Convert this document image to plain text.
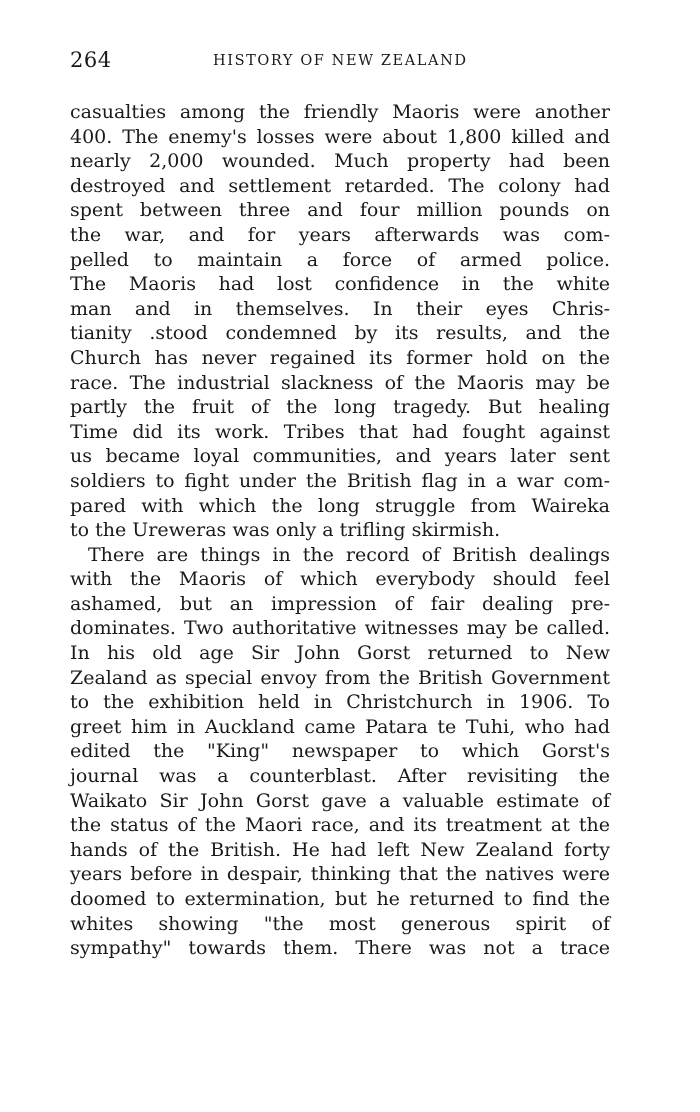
264	HISTORY OF NEW ZEALAND
casualties among the friendly Maoris were another
400. The enemy's losses were about 1,800 killed and
nearly 2,000 wounded. Much property had been
destroyed and settlement retarded. The colony had
spent between three and four million pounds on
the war, and for years afterwards was com-
pelled to maintain a force of armed police.
The Maoris had lost confidence in the white
man and in themselves. In their eyes Chris-
tianity .stood condemned by its results, and the
Church has never regained its former hold on the
race. The industrial slackness of the Maoris may be
partly the fruit of the long tragedy. But healing
Time did its work. Tribes that had fought against
us became loyal communities, and years later sent
soldiers to fight under the British flag in a war com-
pared with which the long struggle from Waireka
to the Ureweras was only a trifling skirmish.
There are things in the record of British dealings
with the Maoris of which everybody should feel
ashamed, but an impression of fair dealing pre-
dominates. Two authoritative witnesses may be called.
In his old age Sir John Gorst returned to New
Zealand as special envoy from the British Government
to the exhibition held in Christchurch in 1906. To
greet him in Auckland came Patara te Tuhi, who had
edited the "King" newspaper to which Gorst's
journal was a counterblast. After revisiting the
Waikato Sir John Gorst gave a valuable estimate of
the status of the Maori race, and its treatment at the
hands of the British. He had left New Zealand forty
years before in despair, thinking that the natives were
doomed to extermination, but he returned to find the
whites showing "the most generous spirit of
sympathy" towards them. There was not a trace
